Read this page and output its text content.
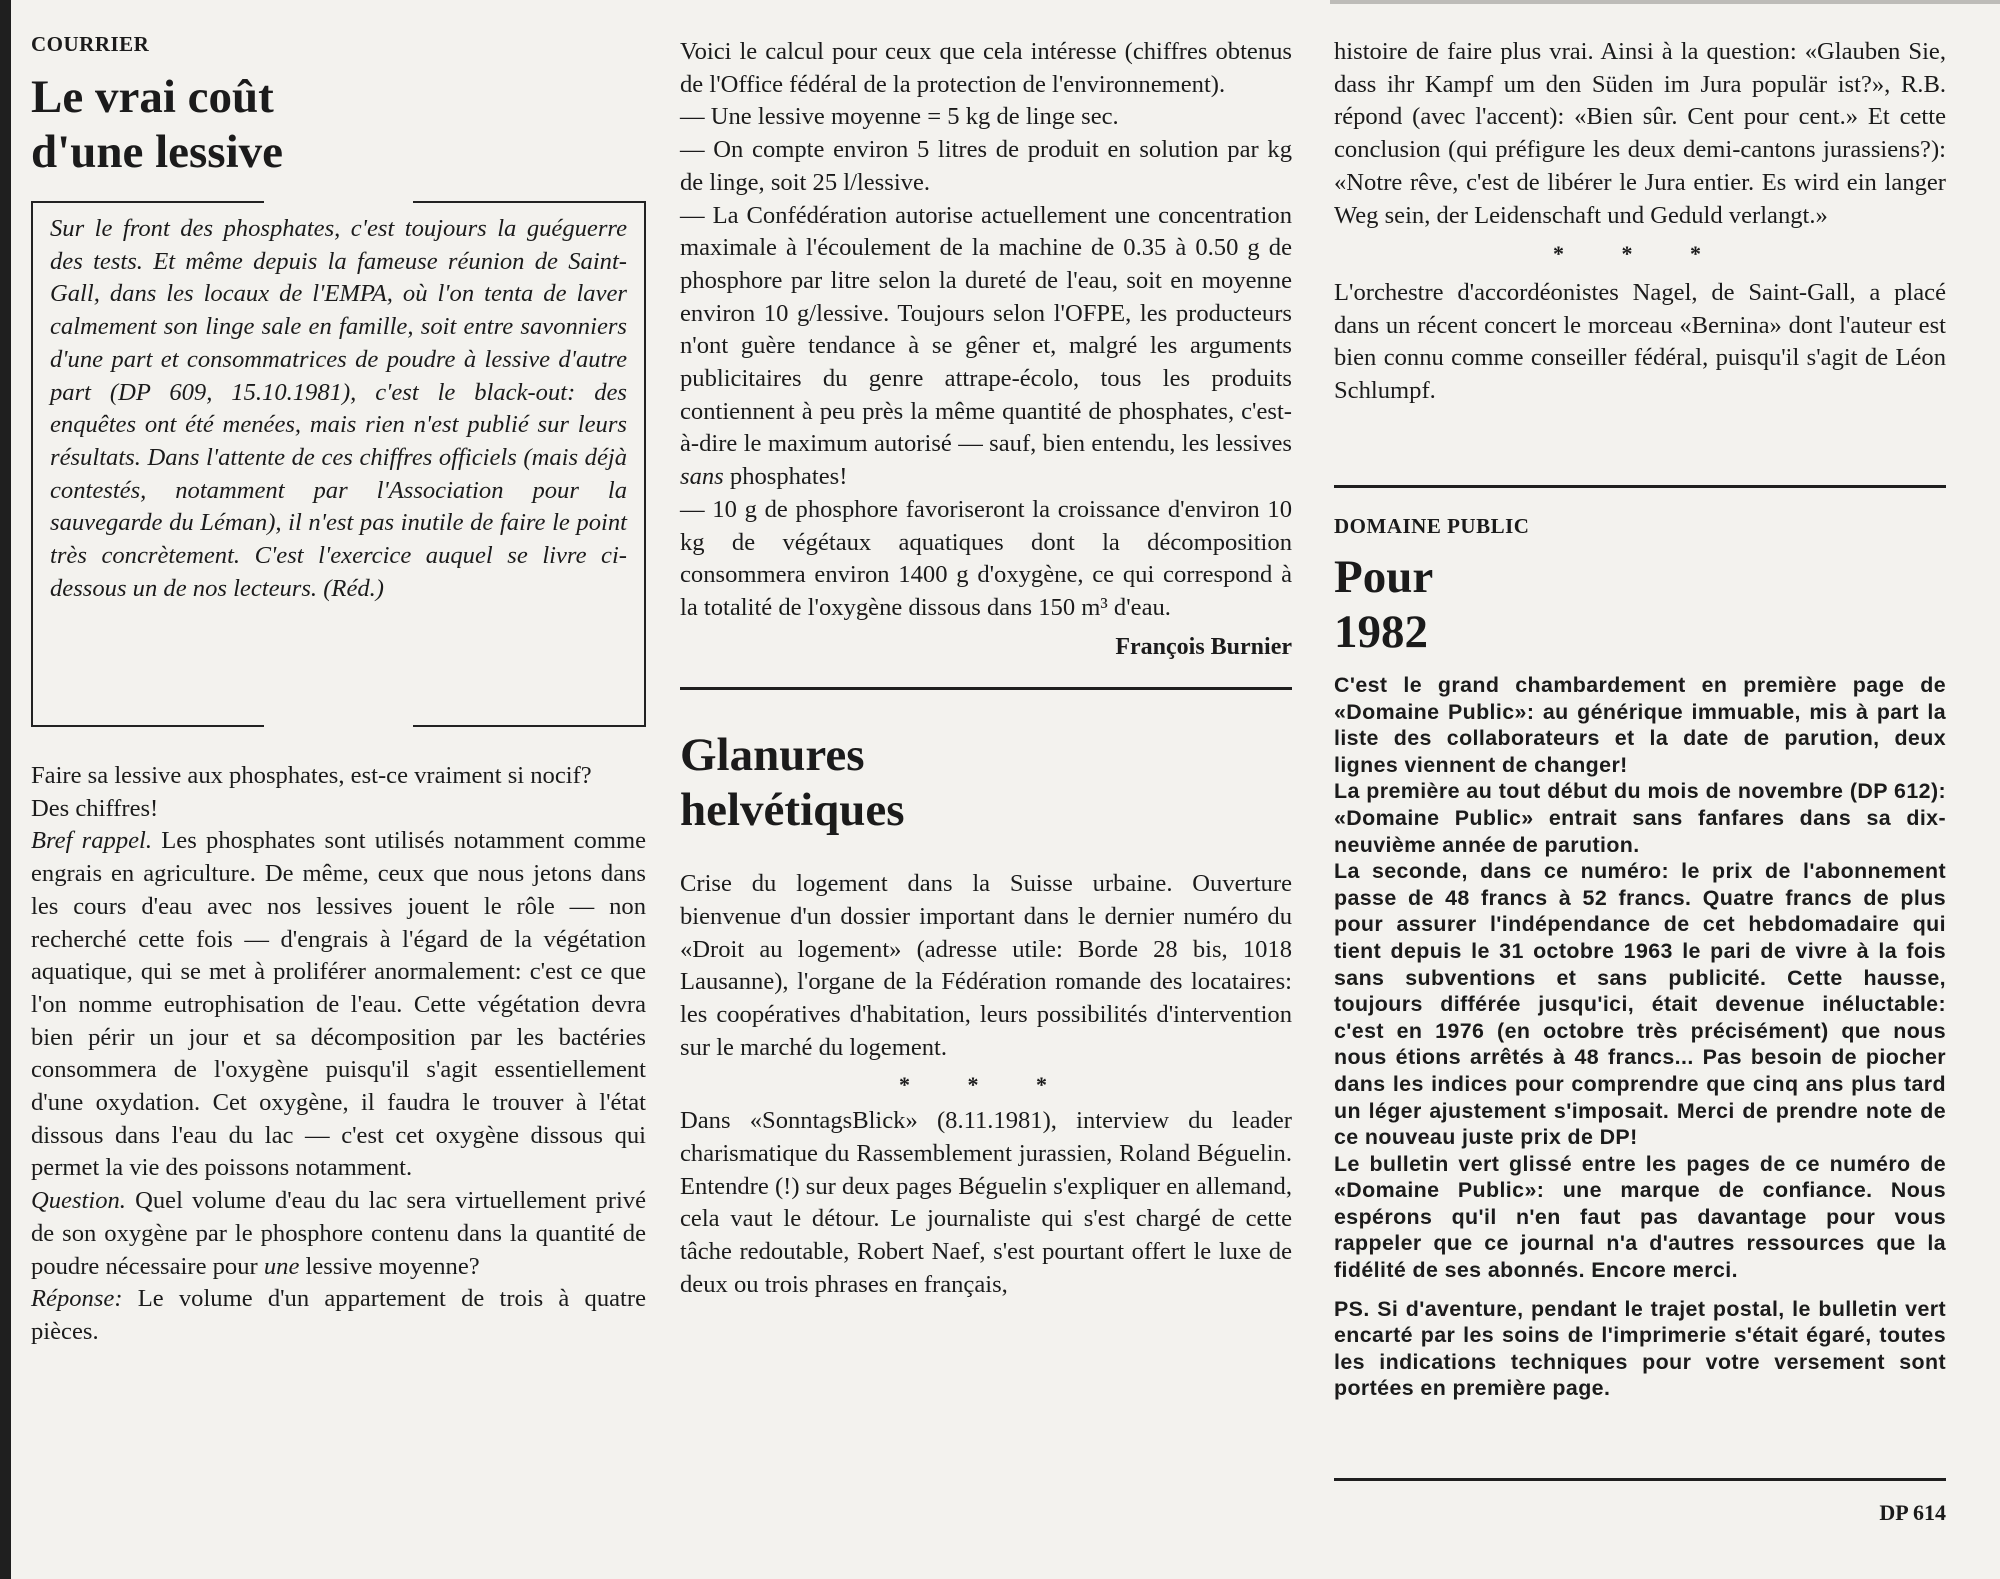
COURRIER
Le vrai coût
d'une lessive

Sur le front des phosphates, c'est toujours la guéguerre des tests. Et même depuis la fameuse réunion de Saint-Gall, dans les locaux de l'EMPA, où l'on tenta de laver calmement son linge sale en famille, soit entre savonniers d'une part et consommatrices de poudre à lessive d'autre part (DP 609, 15.10.1981), c'est le black-out: des enquêtes ont été menées, mais rien n'est publié sur leurs résultats. Dans l'attente de ces chiffres officiels (mais déjà contestés, notamment par l'Association pour la sauvegarde du Léman), il n'est pas inutile de faire le point très concrètement. C'est l'exercice auquel se livre ci-dessous un de nos lecteurs. (Réd.)

Faire sa lessive aux phosphates, est-ce vraiment si nocif?

Des chiffres!

Bref rappel. Les phosphates sont utilisés notamment comme engrais en agriculture. De même, ceux que nous jetons dans les cours d'eau avec nos lessives jouent le rôle — non recherché cette fois — d'engrais à l'égard de la végétation aquatique, qui se met à proliférer anormalement: c'est ce que l'on nomme eutrophisation de l'eau. Cette végétation devra bien périr un jour et sa décomposition par les bactéries consommera de l'oxygène puisqu'il s'agit essentiellement d'une oxydation. Cet oxygène, il faudra le trouver à l'état dissous dans l'eau du lac — c'est cet oxygène dissous qui permet la vie des poissons notamment.

Question. Quel volume d'eau du lac sera virtuellement privé de son oxygène par le phosphore contenu dans la quantité de poudre nécessaire pour une lessive moyenne?

Réponse: Le volume d'un appartement de trois à quatre pièces.

Voici le calcul pour ceux que cela intéresse (chiffres obtenus de l'Office fédéral de la protection de l'environnement).

— Une lessive moyenne = 5 kg de linge sec.

— On compte environ 5 litres de produit en solution par kg de linge, soit 25 l/lessive.

— La Confédération autorise actuellement une concentration maximale à l'écoulement de la machine de 0.35 à 0.50 g de phosphore par litre selon la dureté de l'eau, soit en moyenne environ 10 g/lessive. Toujours selon l'OFPE, les producteurs n'ont guère tendance à se gêner et, malgré les arguments publicitaires du genre attrape-écolo, tous les produits contiennent à peu près la même quantité de phosphates, c'est-à-dire le maximum autorisé — sauf, bien entendu, les lessives sans phosphates!

— 10 g de phosphore favoriseront la croissance d'environ 10 kg de végétaux aquatiques dont la décomposition consommera environ 1400 g d'oxygène, ce qui correspond à la totalité de l'oxygène dissous dans 150 m³ d'eau.

François Burnier
Glanures
helvétiques

Crise du logement dans la Suisse urbaine. Ouverture bienvenue d'un dossier important dans le dernier numéro du «Droit au logement» (adresse utile: Borde 28 bis, 1018 Lausanne), l'organe de la Fédération romande des locataires: les coopératives d'habitation, leurs possibilités d'intervention sur le marché du logement.

* * *

Dans «SonntagsBlick» (8.11.1981), interview du leader charismatique du Rassemblement jurassien, Roland Béguelin. Entendre (!) sur deux pages Béguelin s'expliquer en allemand, cela vaut le détour. Le journaliste qui s'est chargé de cette tâche redoutable, Robert Naef, s'est pourtant offert le luxe de deux ou trois phrases en français,

histoire de faire plus vrai. Ainsi à la question: «Glauben Sie, dass ihr Kampf um den Süden im Jura populär ist?», R.B. répond (avec l'accent): «Bien sûr. Cent pour cent.» Et cette conclusion (qui préfigure les deux demi-cantons jurassiens?): «Notre rêve, c'est de libérer le Jura entier. Es wird ein langer Weg sein, der Leidenschaft und Geduld verlangt.»

* * *

L'orchestre d'accordéonistes Nagel, de Saint-Gall, a placé dans un récent concert le morceau «Bernina» dont l'auteur est bien connu comme conseiller fédéral, puisqu'il s'agit de Léon Schlumpf.

DOMAINE PUBLIC
Pour
1982

C'est le grand chambardement en première page de «Domaine Public»: au générique immuable, mis à part la liste des collaborateurs et la date de parution, deux lignes viennent de changer!

La première au tout début du mois de novembre (DP 612): «Domaine Public» entrait sans fanfares dans sa dix-neuvième année de parution.

La seconde, dans ce numéro: le prix de l'abonnement passe de 48 francs à 52 francs. Quatre francs de plus pour assurer l'indépendance de cet hebdomadaire qui tient depuis le 31 octobre 1963 le pari de vivre à la fois sans subventions et sans publicité. Cette hausse, toujours différée jusqu'ici, était devenue inéluctable: c'est en 1976 (en octobre très précisément) que nous nous étions arrêtés à 48 francs... Pas besoin de piocher dans les indices pour comprendre que cinq ans plus tard un léger ajustement s'imposait. Merci de prendre note de ce nouveau juste prix de DP!

Le bulletin vert glissé entre les pages de ce numéro de «Domaine Public»: une marque de confiance. Nous espérons qu'il n'en faut pas davantage pour vous rappeler que ce journal n'a d'autres ressources que la fidélité de ses abonnés. Encore merci.

PS. Si d'aventure, pendant le trajet postal, le bulletin vert encarté par les soins de l'imprimerie s'était égaré, toutes les indications techniques pour votre versement sont portées en première page.

DP 614
